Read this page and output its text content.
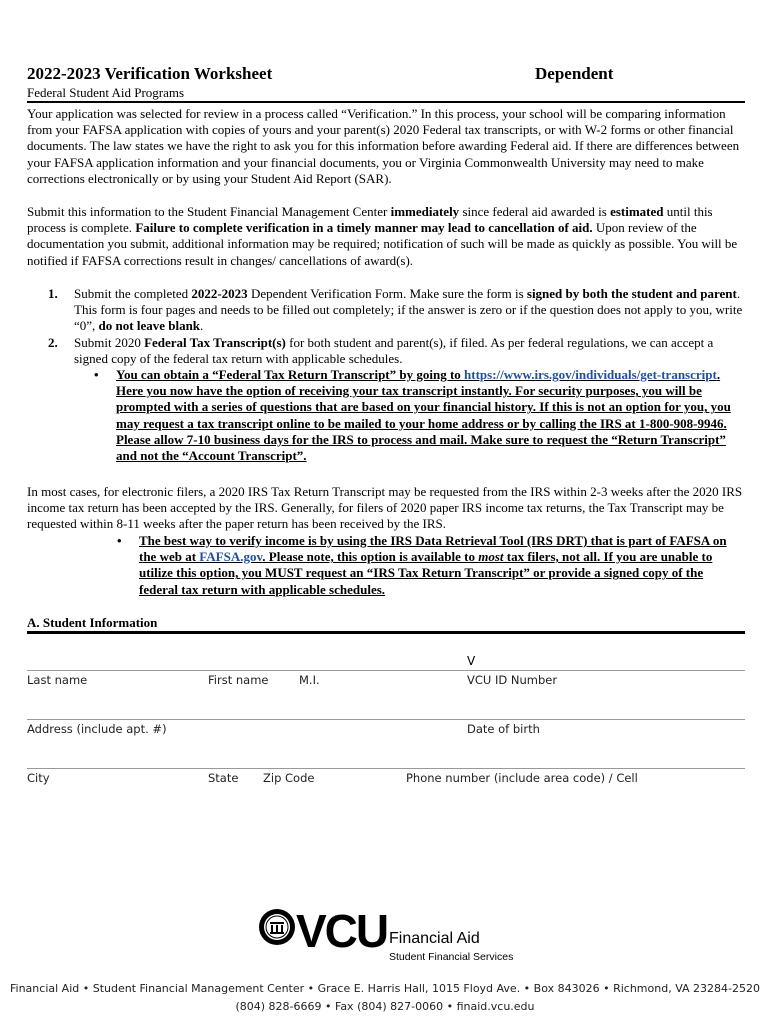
2022-2023 Verification Worksheet	Dependent
Federal Student Aid Programs
Your application was selected for review in a process called “Verification.” In this process, your school will be comparing information from your FAFSA application with copies of yours and your parent(s) 2020 Federal tax transcripts, or with W-2 forms or other financial documents. The law states we have the right to ask you for this information before awarding Federal aid. If there are differences between your FAFSA application information and your financial documents, you or Virginia Commonwealth University may need to make corrections electronically or by using your Student Aid Report (SAR).
Submit this information to the Student Financial Management Center immediately since federal aid awarded is estimated until this process is complete. Failure to complete verification in a timely manner may lead to cancellation of aid. Upon review of the documentation you submit, additional information may be required; notification of such will be made as quickly as possible. You will be notified if FAFSA corrections result in changes/ cancellations of award(s).
1. Submit the completed 2022-2023 Dependent Verification Form. Make sure the form is signed by both the student and parent. This form is four pages and needs to be filled out completely; if the answer is zero or if the question does not apply to you, write “0”, do not leave blank.
2. Submit 2020 Federal Tax Transcript(s) for both student and parent(s), if filed. As per federal regulations, we can accept a signed copy of the federal tax return with applicable schedules.
• You can obtain a “Federal Tax Return Transcript” by going to https://www.irs.gov/individuals/get-transcript. Here you now have the option of receiving your tax transcript instantly. For security purposes, you will be prompted with a series of questions that are based on your financial history. If this is not an option for you, you may request a tax transcript online to be mailed to your home address or by calling the IRS at 1-800-908-9946. Please allow 7-10 business days for the IRS to process and mail. Make sure to request the “Return Transcript” and not the “Account Transcript”.
In most cases, for electronic filers, a 2020 IRS Tax Return Transcript may be requested from the IRS within 2-3 weeks after the 2020 IRS income tax return has been accepted by the IRS. Generally, for filers of 2020 paper IRS income tax returns, the Tax Transcript may be requested within 8-11 weeks after the paper return has been received by the IRS.
• The best way to verify income is by using the IRS Data Retrieval Tool (IRS DRT) that is part of FAFSA on the web at FAFSA.gov. Please note, this option is available to most tax filers, not all. If you are unable to utilize this option, you MUST request an “IRS Tax Return Transcript” or provide a signed copy of the federal tax return with applicable schedules.
A. Student Information
V
Last name	First name	M.I.	VCU ID Number
Address (include apt. #)	Date of birth
City	State Zip Code	Phone number (include area code) / Cell
VCU Financial Aid
Student Financial Services
Financial Aid • Student Financial Management Center • Grace E. Harris Hall, 1015 Floyd Ave. • Box 843026 • Richmond, VA 23284-2520
(804) 828-6669 • Fax (804) 827-0060 • finaid.vcu.edu
